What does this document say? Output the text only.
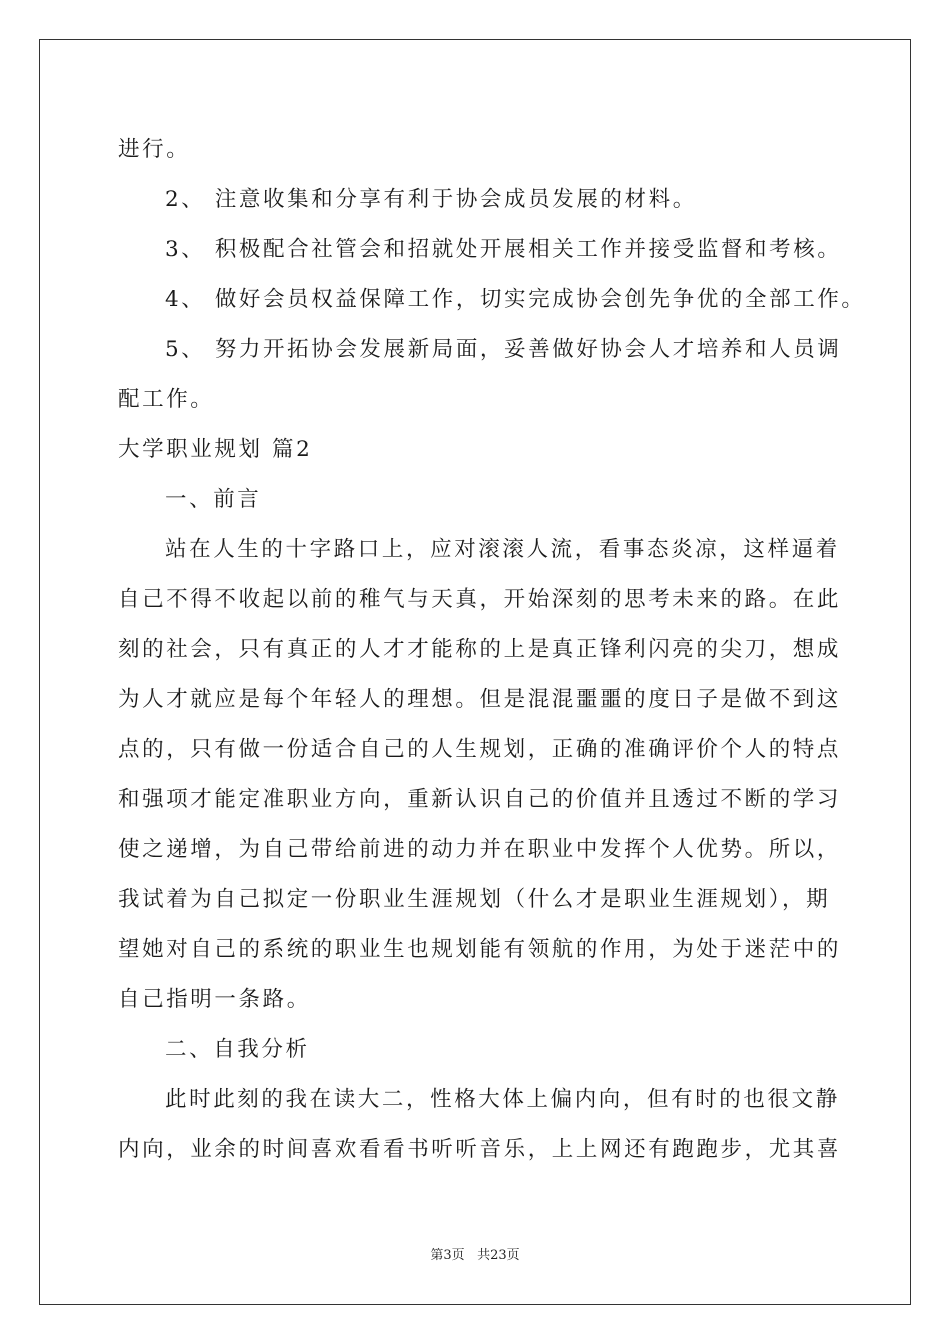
进行。
2、 注意收集和分享有利于协会成员发展的材料。
3、 积极配合社管会和招就处开展相关工作并接受监督和考核。
4、 做好会员权益保障工作，切实完成协会创先争优的全部工作。
5、 努力开拓协会发展新局面，妥善做好协会人才培养和人员调
配工作。
大学职业规划 篇2
一、前言
站在人生的十字路口上，应对滚滚人流，看事态炎凉，这样逼着
自己不得不收起以前的稚气与天真，开始深刻的思考未来的路。在此
刻的社会，只有真正的人才才能称的上是真正锋利闪亮的尖刀，想成
为人才就应是每个年轻人的理想。但是混混噩噩的度日子是做不到这
点的，只有做一份适合自己的人生规划，正确的准确评价个人的特点
和强项才能定准职业方向，重新认识自己的价值并且透过不断的学习
使之递增，为自己带给前进的动力并在职业中发挥个人优势。所以，
我试着为自己拟定一份职业生涯规划（什么才是职业生涯规划），期
望她对自己的系统的职业生也规划能有领航的作用，为处于迷茫中的
自己指明一条路。
二、自我分析
此时此刻的我在读大二，性格大体上偏内向，但有时的也很文静
内向，业余的时间喜欢看看书听听音乐，上上网还有跑跑步，尤其喜
第3页 共23页
